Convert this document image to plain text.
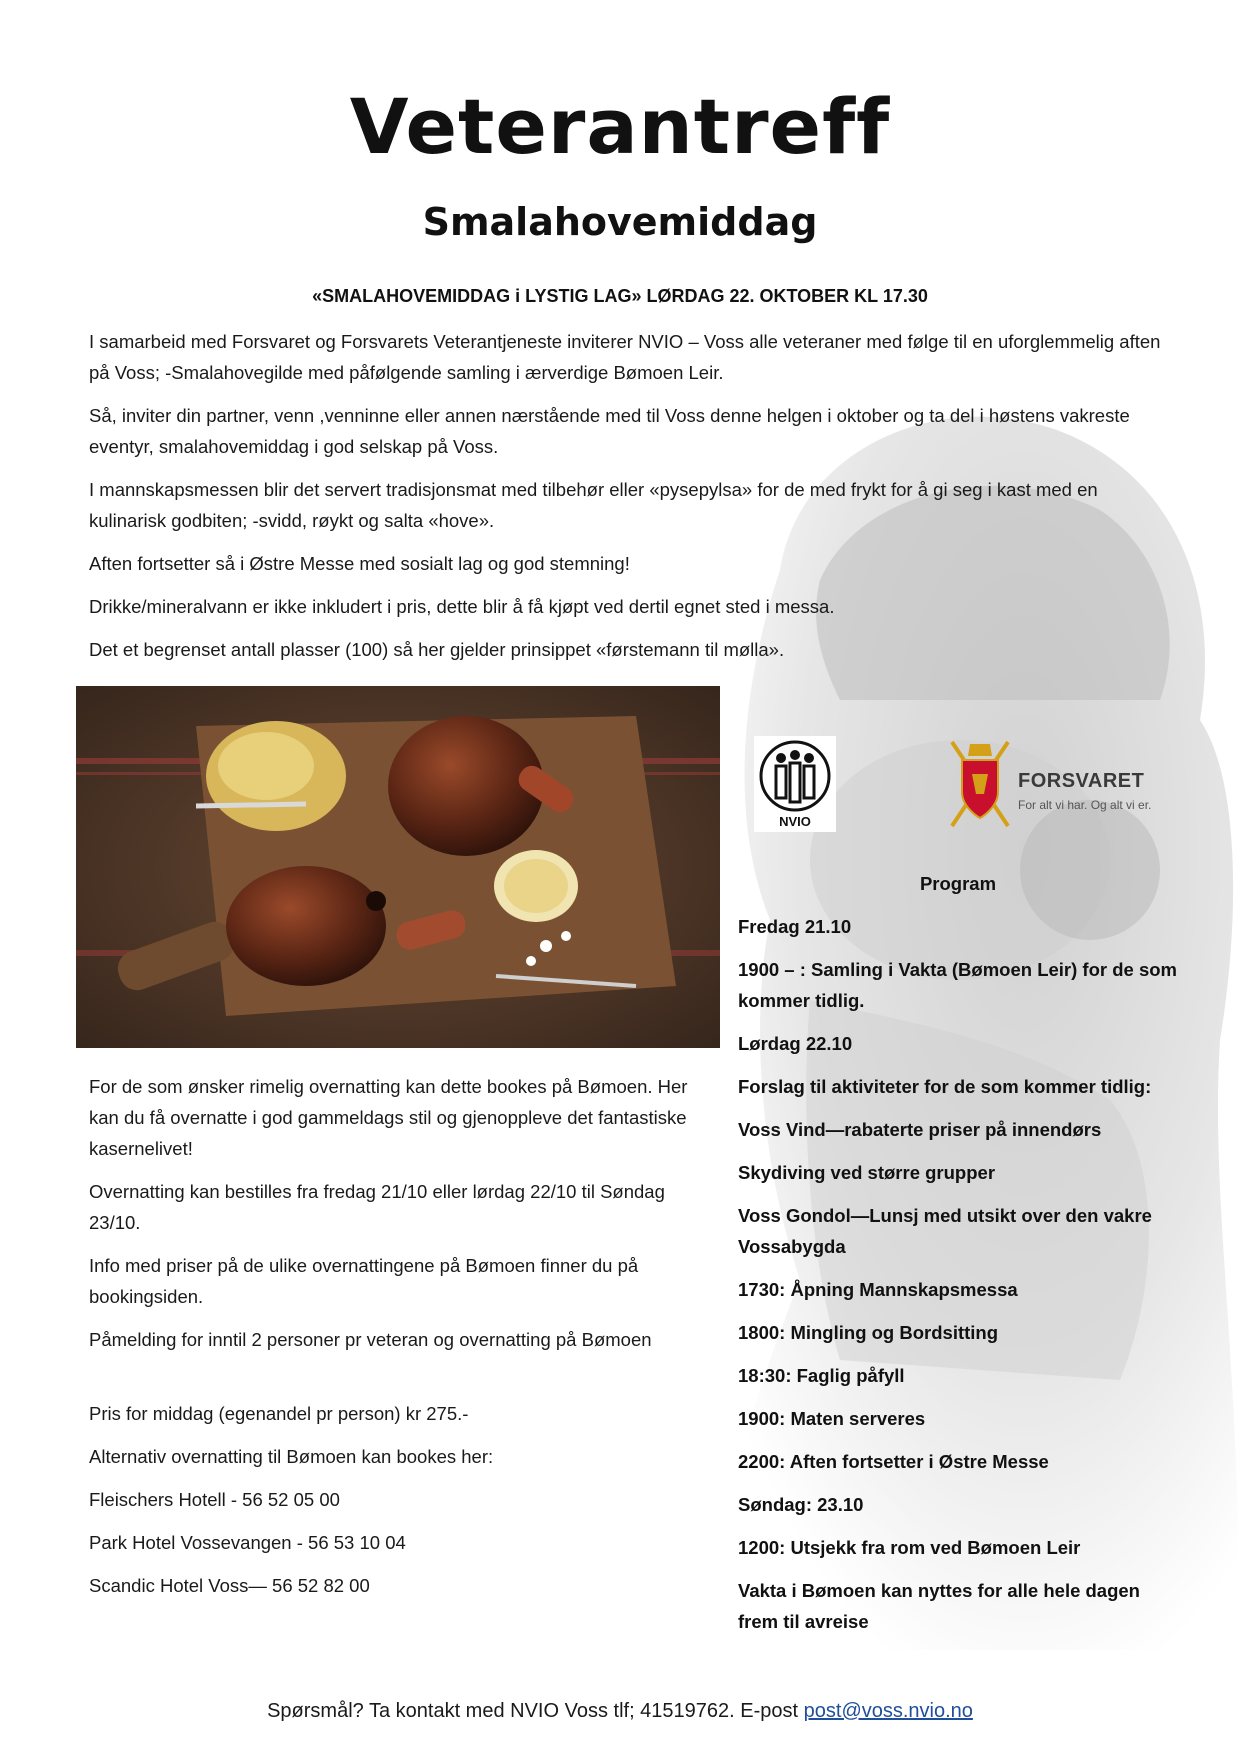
Veterantreff
Smalahovemiddag
«SMALAHOVEMIDDAG i LYSTIG LAG» LØRDAG 22. OKTOBER KL 17.30

I samarbeid med Forsvaret og Forsvarets Veterantjeneste inviterer NVIO – Voss alle veteraner med følge til en uforglemmelig aften på Voss; -Smalahovegilde med påfølgende samling i ærverdige Bømoen Leir.

Så, inviter din partner, venn ,venninne eller annen nærstående med til Voss denne helgen i oktober og ta del i høstens vakreste eventyr, smalahovemiddag i god selskap på Voss.

I mannskapsmessen blir det servert tradisjonsmat med tilbehør eller «pysepylsa» for de med frykt for å gi seg i kast med en kulinarisk godbiten; -svidd, røykt og salta «hove».

Aften fortsetter så i Østre Messe med sosialt lag og god stemning!

Drikke/mineralvann er ikke inkludert i pris, dette blir å få kjøpt ved dertil egnet sted i messa.

Det et begrenset antall plasser (100) så her gjelder prinsippet «førstemann til mølla».

For de som ønsker rimelig overnatting kan dette bookes på Bømoen. Her kan du få overnatte i god gammeldags stil og gjenoppleve det fantastiske kasernelivet!

Overnatting kan bestilles fra fredag 21/10 eller lørdag 22/10 til Søndag 23/10.

Info med priser på de ulike overnattingene på Bømoen finner du på bookingsiden.

Påmelding for inntil 2 personer pr veteran og overnatting på Bømoen

Pris for middag (egenandel pr person) kr 275.-

Alternativ overnatting til Bømoen kan bookes her:

Fleischers Hotell - 56 52 05 00

Park Hotel Vossevangen - 56 53 10 04

Scandic Hotel Voss— 56 52 82 00

NVIO
FORSVARET
For alt vi har. Og alt vi er.
Program
Fredag 21.10
1900 – : Samling i Vakta (Bømoen Leir) for de som kommer tidlig.
Lørdag 22.10
Forslag til aktiviteter for de som kommer tidlig:
Voss Vind—rabaterte priser på innendørs
Skydiving ved større grupper
Voss Gondol—Lunsj med utsikt over den vakre Vossabygda
1730: Åpning Mannskapsmessa
1800: Mingling og Bordsitting
18:30: Faglig påfyll
1900: Maten serveres
2200: Aften fortsetter i Østre Messe
Søndag: 23.10
1200: Utsjekk fra rom ved Bømoen Leir
Vakta i Bømoen kan nyttes for alle hele dagen frem til avreise
Spørsmål? Ta kontakt med NVIO Voss tlf; 41519762. E-post post@voss.nvio.no
